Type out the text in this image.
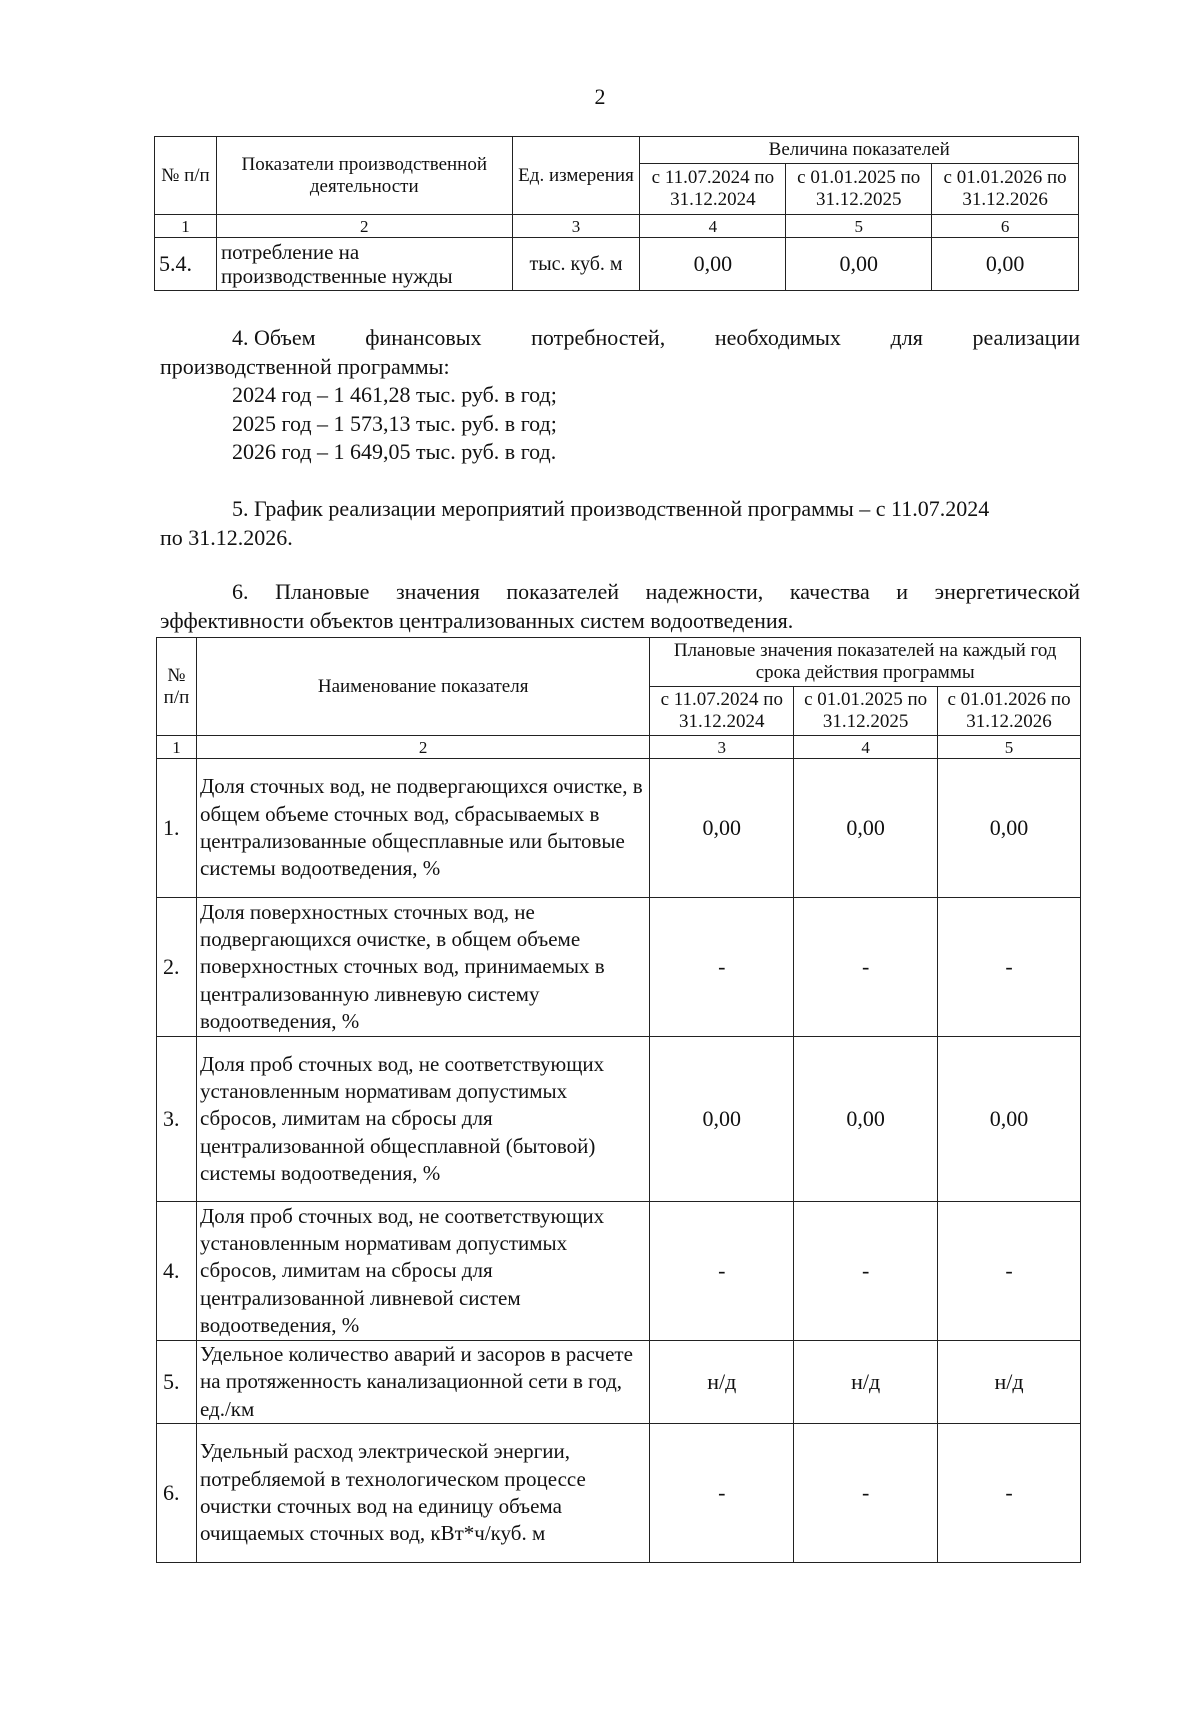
2
№ п/п	Показатели производственной деятельности	Ед. измерения	Величина показателей		
			с 11.07.2024 по 31.12.2024	с 01.01.2025 по 31.12.2025	с 01.01.2026 по 31.12.2026
1	2	3	4	5	6
5.4.	потребление на производственные нужды	тыс. куб. м	0,00	0,00	0,00
4. Объем финансовых потребностей, необходимых для реализации
производственной программы:
2024 год – 1 461,28 тыс. руб. в год;
2025 год – 1 573,13 тыс. руб. в год;
2026 год – 1 649,05 тыс. руб. в год.
5. График реализации мероприятий производственной программы – с 11.07.2024
по 31.12.2026.
6. Плановые значения показателей надежности, качества и энергетической
эффективности объектов централизованных систем водоотведения.
№ п/п	Наименование показателя	Плановые значения показателей на каждый год срока действия программы		
		с 11.07.2024 по 31.12.2024	с 01.01.2025 по 31.12.2025	с 01.01.2026 по 31.12.2026
1	2	3	4	5
1.	Доля сточных вод, не подвергающихся очистке, в общем объеме сточных вод, сбрасываемых в централизованные общесплавные или бытовые системы водоотведения, %	0,00	0,00	0,00
2.	Доля поверхностных сточных вод, не подвергающихся очистке, в общем объеме поверхностных сточных вод, принимаемых в централизованную ливневую систему водоотведения, %	-	-	-
3.	Доля проб сточных вод, не соответствующих установленным нормативам допустимых сбросов, лимитам на сбросы для централизованной общесплавной (бытовой) системы водоотведения, %	0,00	0,00	0,00
4.	Доля проб сточных вод, не соответствующих установленным нормативам допустимых сбросов, лимитам на сбросы для централизованной ливневой систем водоотведения, %	-	-	-
5.	Удельное количество аварий и засоров в расчете на протяженность канализационной сети в год, ед./км	н/д	н/д	н/д
6.	Удельный расход электрической энергии, потребляемой в технологическом процессе очистки сточных вод на единицу объема очищаемых сточных вод, кВт*ч/куб. м	-	-	-
